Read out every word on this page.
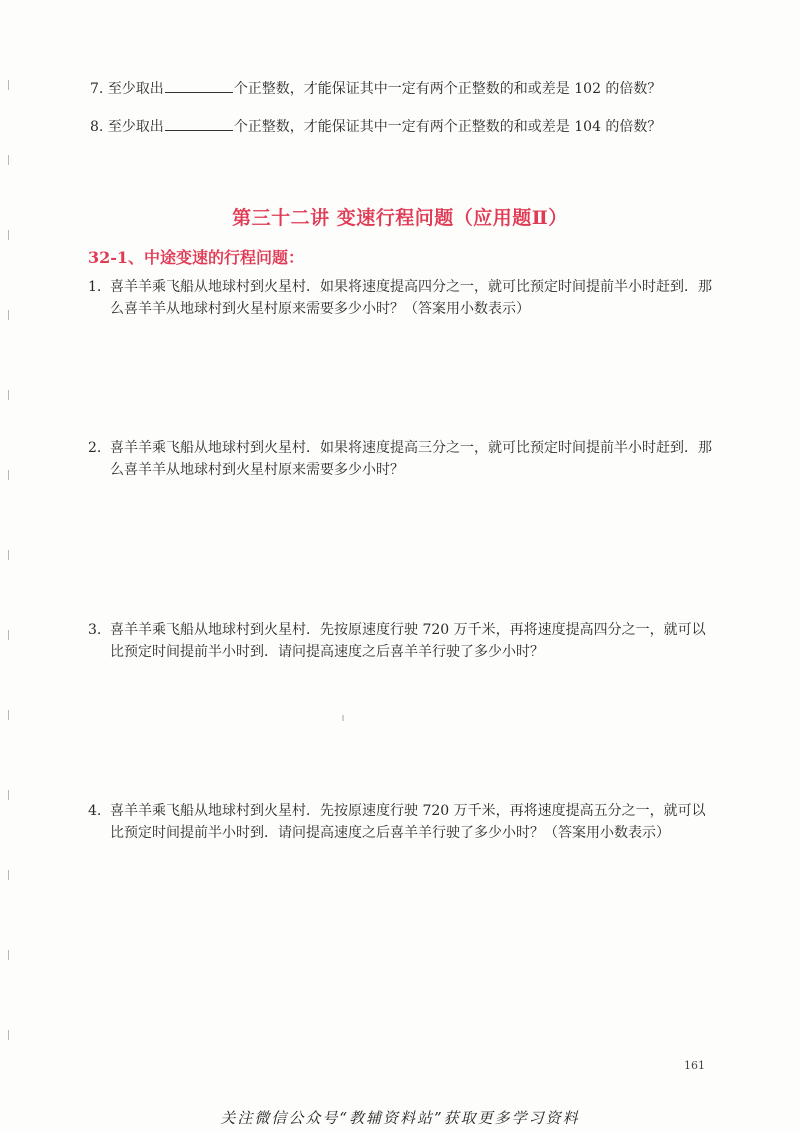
7. 至少取出	个正整数，才能保证其中一定有两个正整数的和或差是 102 的倍数？
8. 至少取出	个正整数，才能保证其中一定有两个正整数的和或差是 104 的倍数？
第三十二讲 变速行程问题（应用题Ⅱ）
32-1、中途变速的行程问题：
1. 喜羊羊乘飞船从地球村到火星村．如果将速度提高四分之一，就可比预定时间提前半小时赶到．那么喜羊羊从地球村到火星村原来需要多少小时？（答案用小数表示）
2. 喜羊羊乘飞船从地球村到火星村．如果将速度提高三分之一，就可比预定时间提前半小时赶到．那么喜羊羊从地球村到火星村原来需要多少小时？
3. 喜羊羊乘飞船从地球村到火星村．先按原速度行驶 720 万千米，再将速度提高四分之一，就可以比预定时间提前半小时到．请问提高速度之后喜羊羊行驶了多少小时？
4. 喜羊羊乘飞船从地球村到火星村．先按原速度行驶 720 万千米，再将速度提高五分之一，就可以比预定时间提前半小时到．请问提高速度之后喜羊羊行驶了多少小时？（答案用小数表示）
161
关注微信公众号“教辅资料站”获取更多学习资料
